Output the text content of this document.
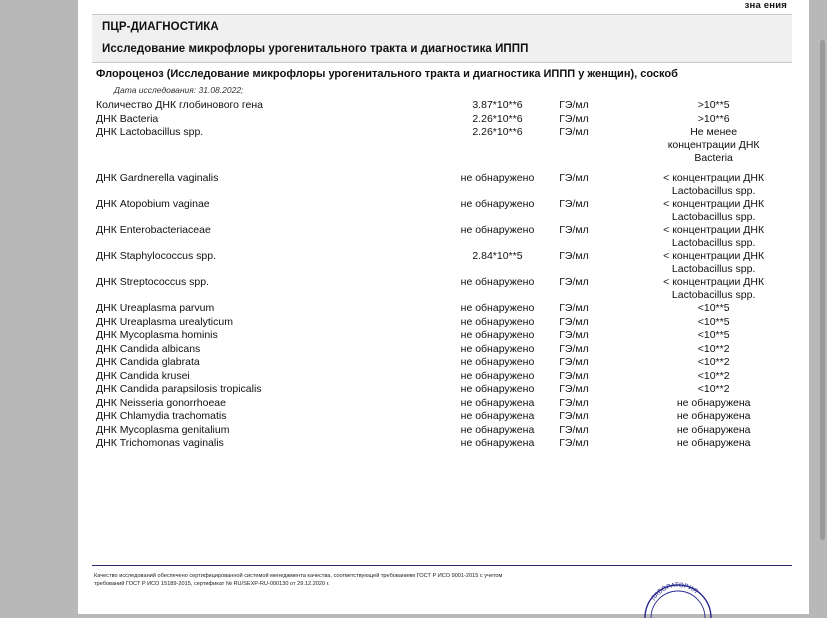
зна ения
ПЦР-ДИАГНОСТИКА
Исследование микрофлоры урогенитального тракта и диагностика ИППП
Флороценоз (Исследование микрофлоры урогенитального тракта и диагностика ИППП у женщин), соскоб
Дата исследования: 31.08.2022;
Количество ДНК глобинового гена	3.87*10**6	ГЭ/мл	>10**5

ДНК Bacteria	2.26*10**6	ГЭ/мл	>10**6

ДНК Lactobacillus spp.	2.26*10**6	ГЭ/мл	Не менее
концентрации ДНК
Bacteria

ДНК Gardnerella vaginalis	не обнаружено	ГЭ/мл	< концентрации ДНК
Lactobacillus spp.

ДНК Atopobium vaginae	не обнаружено	ГЭ/мл	< концентрации ДНК
Lactobacillus spp.

ДНК Enterobacteriaceae	не обнаружено	ГЭ/мл	< концентрации ДНК
Lactobacillus spp.

ДНК Staphylococcus spp.	2.84*10**5	ГЭ/мл	< концентрации ДНК
Lactobacillus spp.

ДНК Streptococcus spp.	не обнаружено	ГЭ/мл	< концентрации ДНК
Lactobacillus spp.

ДНК Ureaplasma parvum	не обнаружено	ГЭ/мл	<10**5

ДНК Ureaplasma urealyticum	не обнаружено	ГЭ/мл	<10**5

ДНК Mycoplasma hominis	не обнаружено	ГЭ/мл	<10**5

ДНК Candida albicans	не обнаружено	ГЭ/мл	<10**2

ДНК Candida glabrata	не обнаружено	ГЭ/мл	<10**2

ДНК Candida krusei	не обнаружено	ГЭ/мл	<10**2

ДНК Candida parapsilosis tropicalis	не обнаружено	ГЭ/мл	<10**2

ДНК Neisseria gonorrhoeae	не обнаружена	ГЭ/мл	не обнаружена

ДНК Chlamydia trachomatis	не обнаружена	ГЭ/мл	не обнаружена

ДНК Mycoplasma genitalium	не обнаружена	ГЭ/мл	не обнаружена

ДНК Trichomonas vaginalis	не обнаружена	ГЭ/мл	не обнаружена
Качество исследований обеспечено сертифицированной системой менеджмента качества, соответствующей требованиям ГОСТ Р ИСО 9001-2015 с учетом
требований ГОСТ Р ИСО 15189-2015, сертификат № RU/SEXP-RU-000130 от 29.12.2020 г.
ЛАБОРАТОРИЯ
